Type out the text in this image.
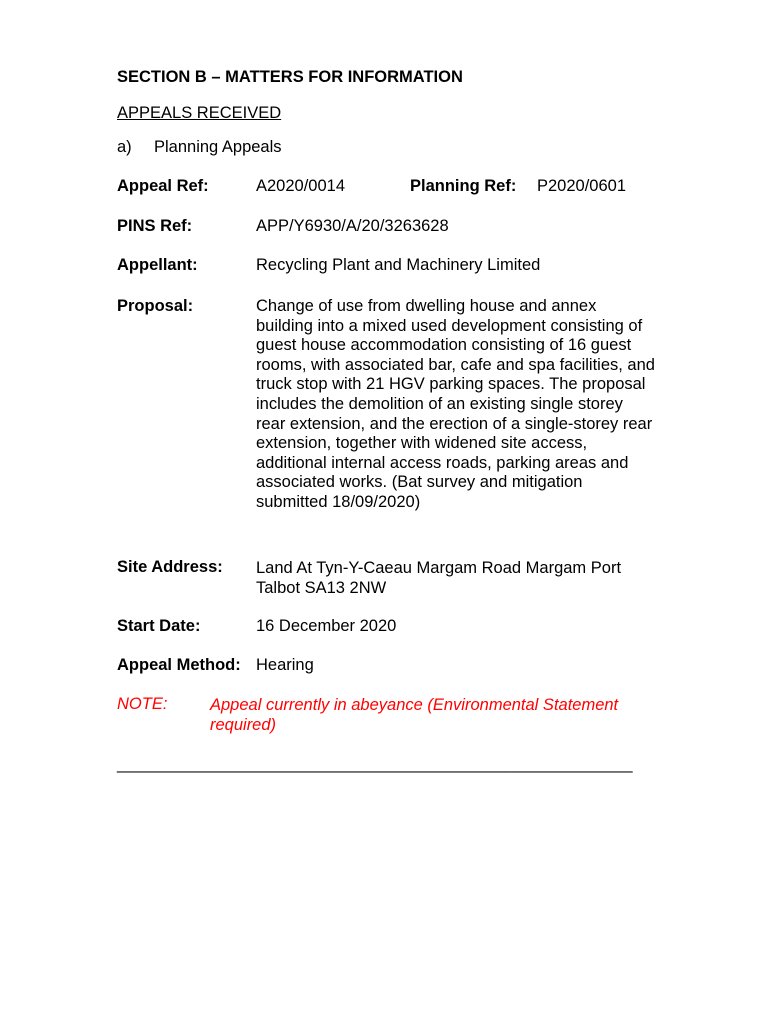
SECTION B – MATTERS FOR INFORMATION
APPEALS RECEIVED
a) Planning Appeals
Appeal Ref:	A2020/0014	Planning Ref: P2020/0601
PINS Ref:	APP/Y6930/A/20/3263628
Appellant:	Recycling Plant and Machinery Limited
Proposal:	Change of use from dwelling house and annex building into a mixed used development consisting of guest house accommodation consisting of 16 guest rooms, with associated bar, cafe and spa facilities, and truck stop with 21 HGV parking spaces. The proposal includes the demolition of an existing single storey rear extension, and the erection of a single-storey rear extension, together with widened site access, additional internal access roads, parking areas and associated works. (Bat survey and mitigation submitted 18/09/2020)
Site Address: Land At Tyn-Y-Caeau Margam Road Margam Port Talbot SA13 2NW
Start Date:	16 December 2020
Appeal Method: Hearing
NOTE:	Appeal currently in abeyance (Environmental Statement required)
_______________________________________________________
